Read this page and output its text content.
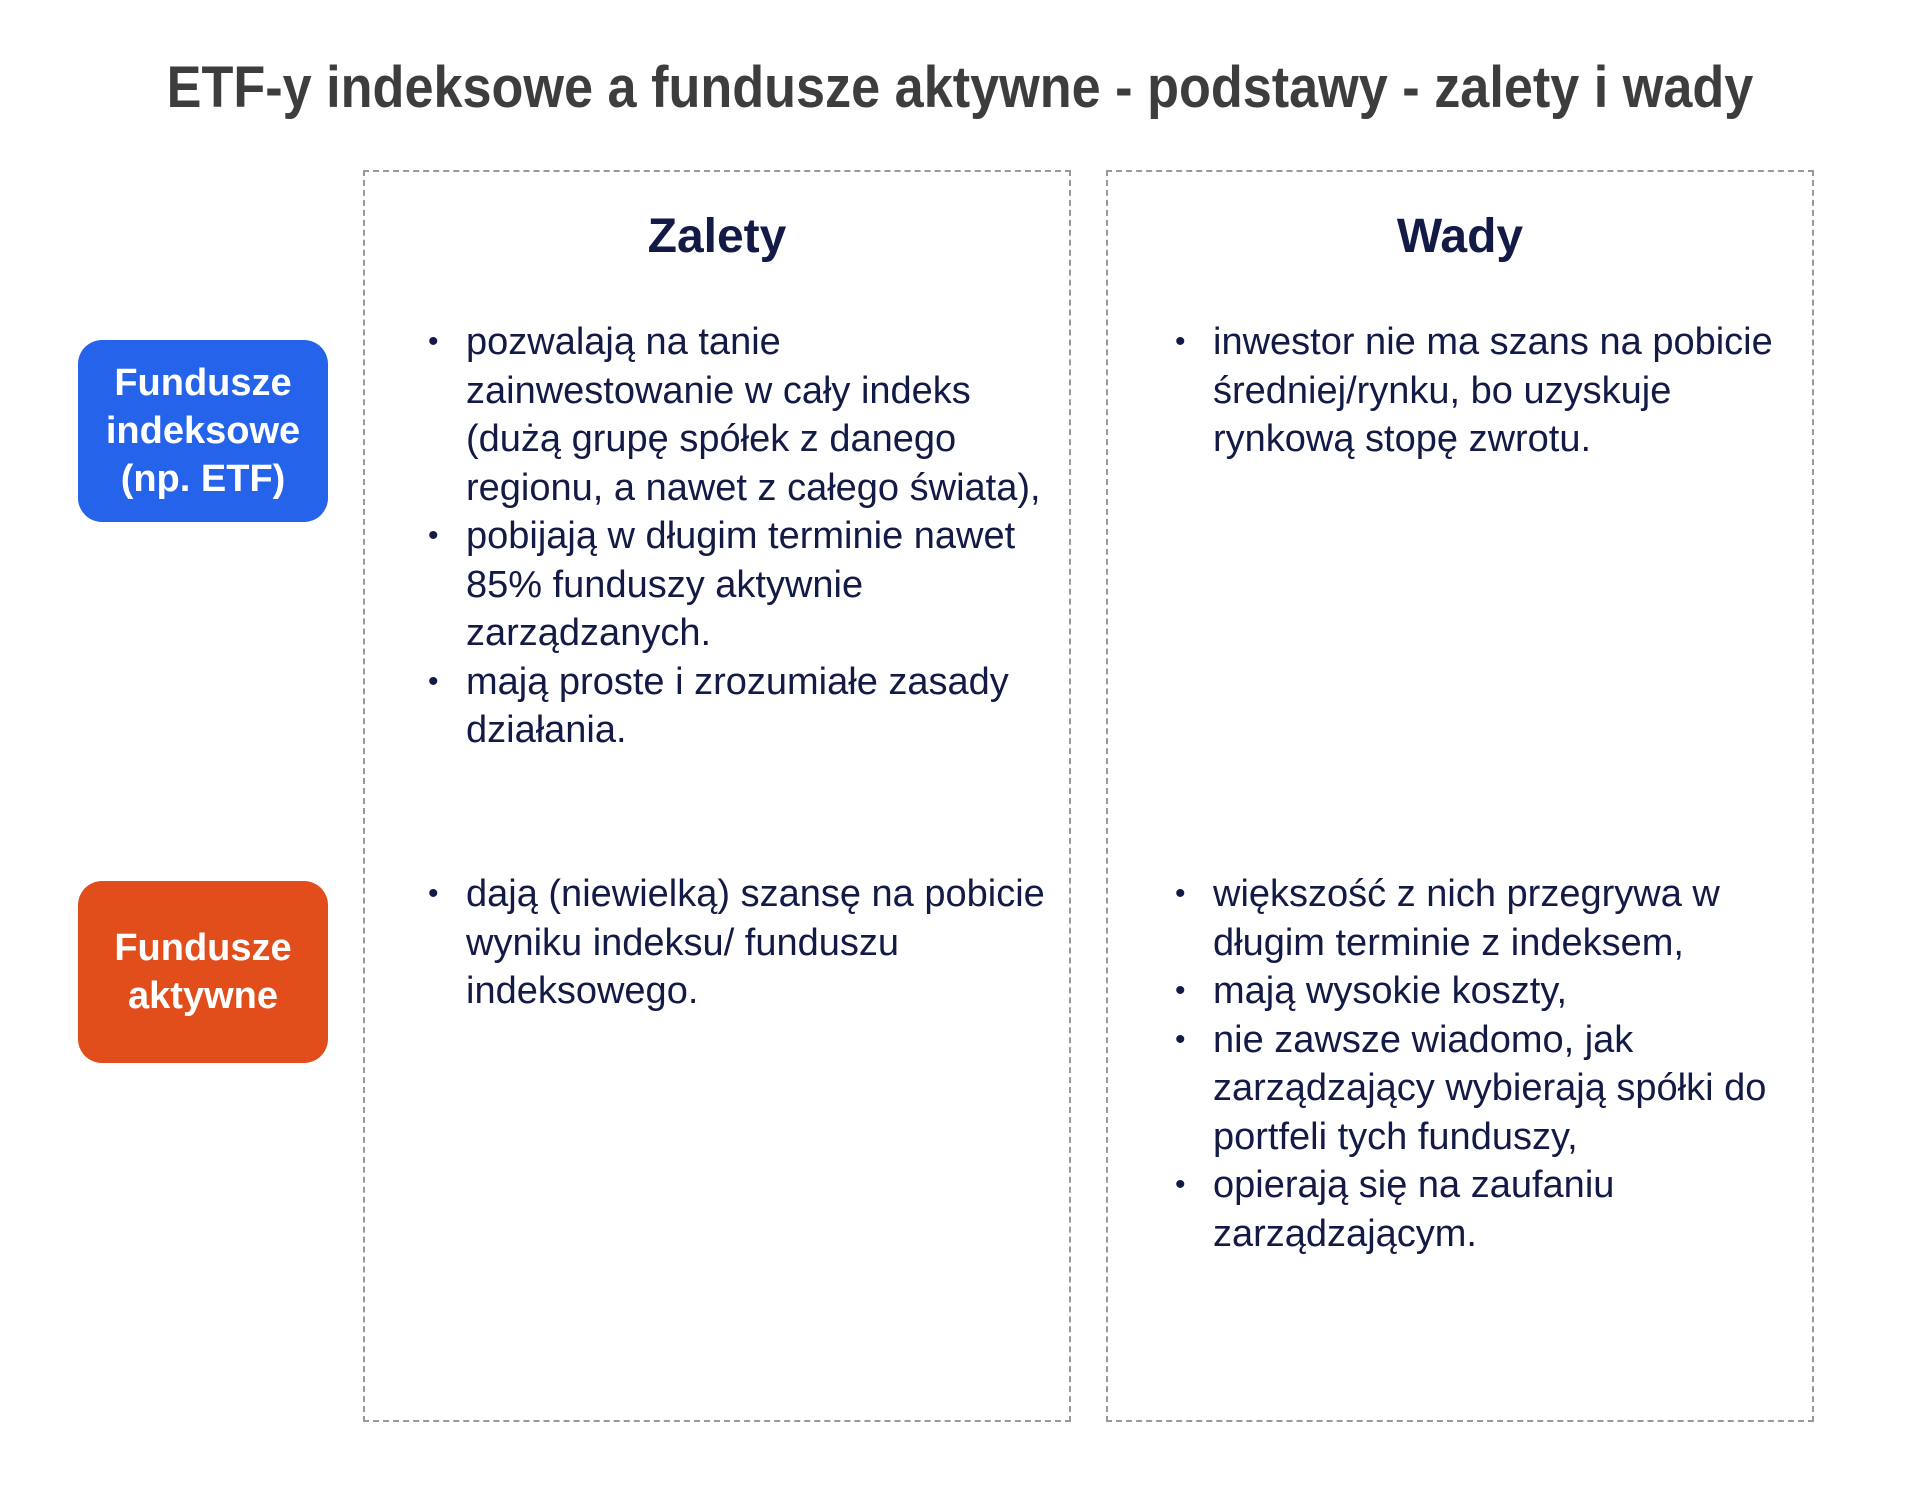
ETF-y indeksowe a fundusze aktywne - podstawy - zalety i wady
Zalety	Wady
Fundusze
indeksowe
(np. ETF)
Fundusze
aktywne
• pozwalają na tanie zainwestowanie w cały indeks (dużą grupę spółek z danego regionu, a nawet z całego świata),
• pobijają w długim terminie nawet 85% funduszy aktywnie zarządzanych.
• mają proste i zrozumiałe zasady działania.
• inwestor nie ma szans na pobicie średniej/rynku, bo uzyskuje rynkową stopę zwrotu.
• dają (niewielką) szansę na pobicie wyniku indeksu/ funduszu indeksowego.
• większość z nich przegrywa w długim terminie z indeksem,
• mają wysokie koszty,
• nie zawsze wiadomo, jak zarządzający wybierają spółki do portfeli tych funduszy,
• opierają się na zaufaniu zarządzającym.
